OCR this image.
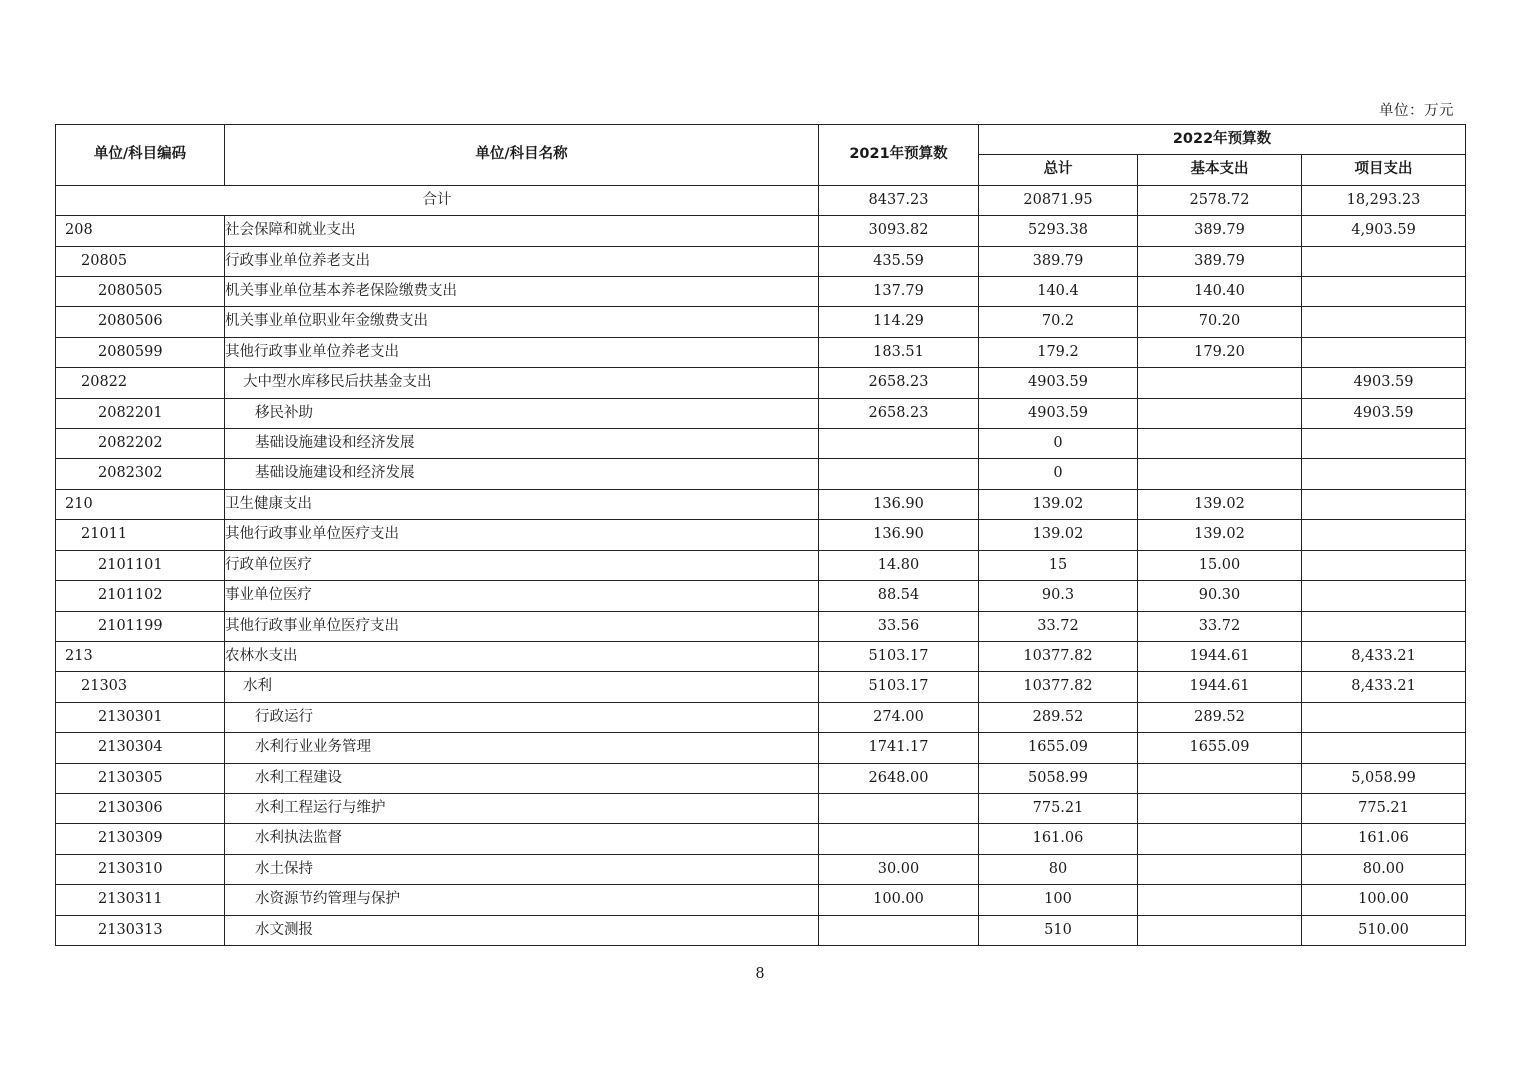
单位：万元
单位/科目编码	单位/科目名称	2021年预算数	2022年预算数		
			总计	基本支出	项目支出
合计		8437.23	20871.95	2578.72	18,293.23
208	社会保障和就业支出	3093.82	5293.38	389.79	4,903.59
20805	行政事业单位养老支出	435.59	389.79	389.79	
2080505	机关事业单位基本养老保险缴费支出	137.79	140.4	140.40	
2080506	机关事业单位职业年金缴费支出	114.29	70.2	70.20	
2080599	其他行政事业单位养老支出	183.51	179.2	179.20	
20822	大中型水库移民后扶基金支出	2658.23	4903.59		4903.59
2082201	移民补助	2658.23	4903.59		4903.59
2082202	基础设施建设和经济发展		0		
2082302	基础设施建设和经济发展		0		
210	卫生健康支出	136.90	139.02	139.02	
21011	其他行政事业单位医疗支出	136.90	139.02	139.02	
2101101	行政单位医疗	14.80	15	15.00	
2101102	事业单位医疗	88.54	90.3	90.30	
2101199	其他行政事业单位医疗支出	33.56	33.72	33.72	
213	农林水支出	5103.17	10377.82	1944.61	8,433.21
21303	水利	5103.17	10377.82	1944.61	8,433.21
2130301	行政运行	274.00	289.52	289.52	
2130304	水利行业业务管理	1741.17	1655.09	1655.09	
2130305	水利工程建设	2648.00	5058.99		5,058.99
2130306	水利工程运行与维护		775.21		775.21
2130309	水利执法监督		161.06		161.06
2130310	水土保持	30.00	80		80.00
2130311	水资源节约管理与保护	100.00	100		100.00
2130313	水文测报		510		510.00
8
